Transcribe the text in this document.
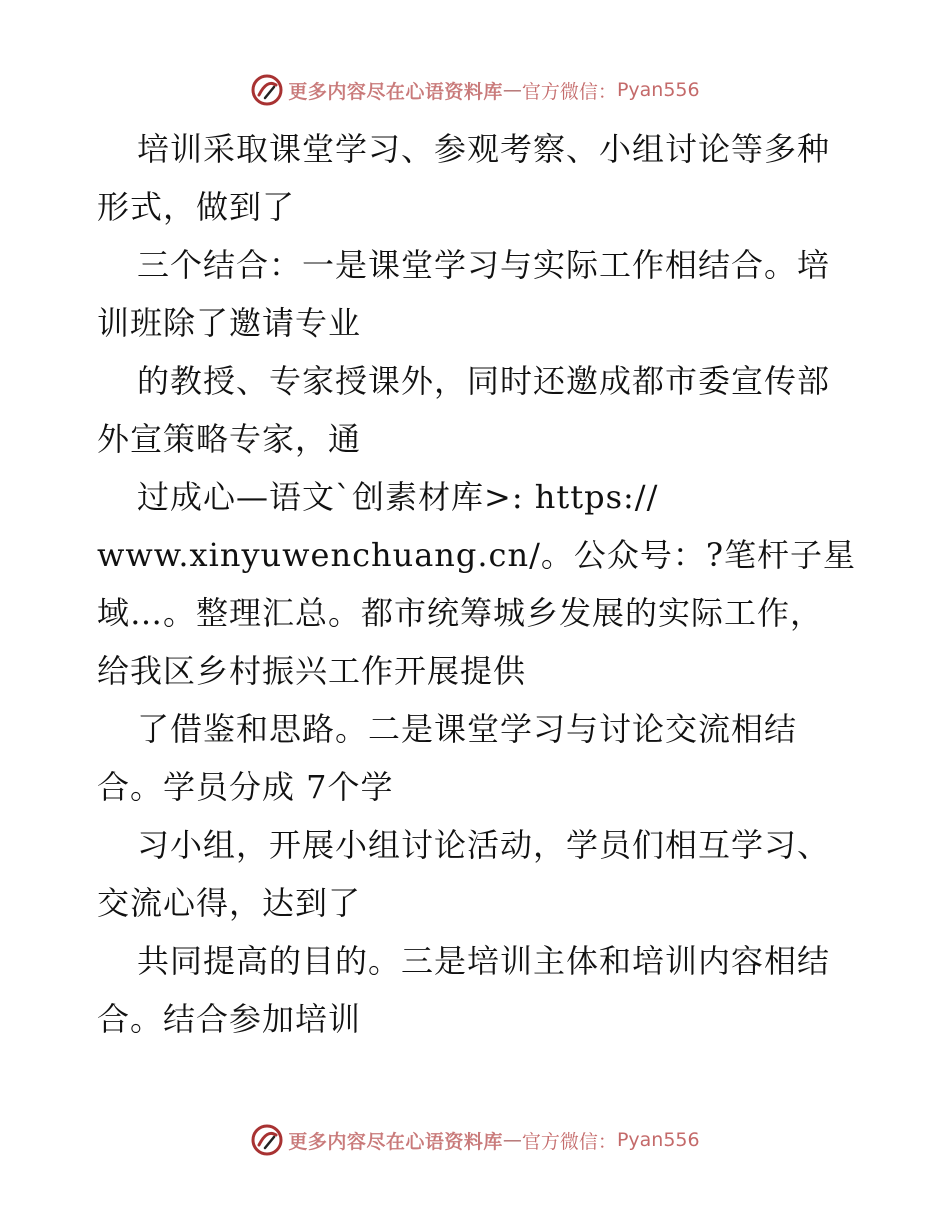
更多内容尽在心语资料库 — 官方微信： Pyan556
培训采取课堂学习、参观考察、小组讨论等多种
形式，做到了
三个结合：一是课堂学习与实际工作相结合。培
训班除了邀请专业
的教授、专家授课外，同时还邀成都市委宣传部
外宣策略专家，通
过成心—语文`创素材库>: https://
www.xinyuwenchuang.cn/。公众号：?笔杆子星
域…。整理汇总。都市统筹城乡发展的实际工作，
给我区乡村振兴工作开展提供
了借鉴和思路。二是课堂学习与讨论交流相结
合。学员分成 7个学
习小组，开展小组讨论活动，学员们相互学习、
交流心得，达到了
共同提高的目的。三是培训主体和培训内容相结
合。结合参加培训
更多内容尽在心语资料库 — 官方微信： Pyan556
